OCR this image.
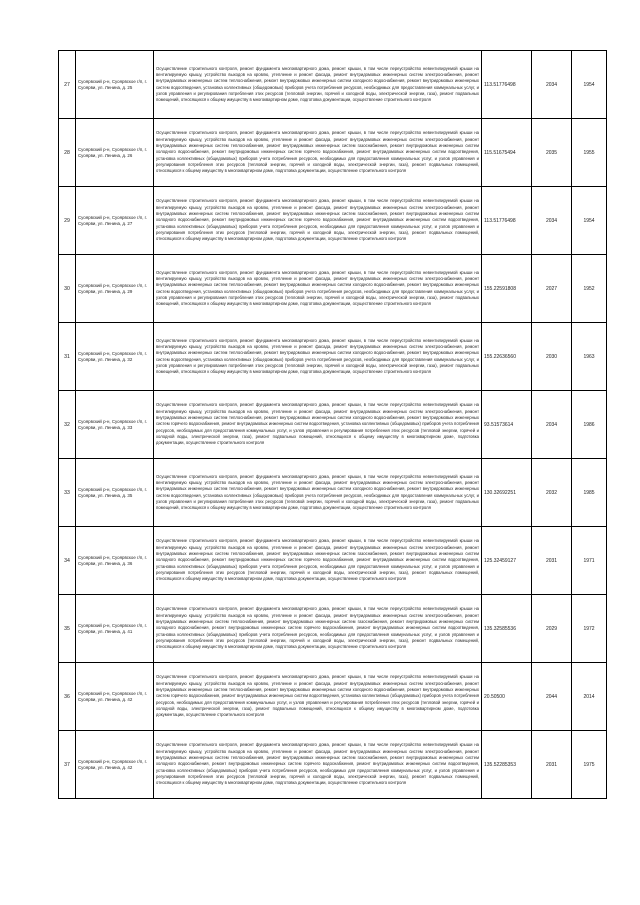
27	Суоярвский р-н, Суоярвское г/п, г. Суоярви, ул. Ленина, д. 25	Осуществление строительного контроля, ремонт фундамента многоквартирного дома, ремонт крыши, в том числе переустройство невентилируемой крыши на вентилируемую крышу, устройство выходов на кровлю, утепление и ремонт фасада, ремонт внутридомовых инженерных систем электроснабжения, ремонт внутридомовых инженерных систем теплоснабжения, ремонт внутридомовых инженерных систем холодного водоснабжения, ремонт внутридомовых инженерных систем водоотведения, установка коллективных (общедомовых) приборов учета потребления ресурсов, необходимых для предоставления коммунальных услуг, и узлов управления и регулирования потребления этих ресурсов (тепловой энергии, горячей и холодной воды, электрической энергии, газа), ремонт подвальных помещений, относящихся к общему имуществу в многоквартирном доме, подготовка документации, осуществление строительного контроля	113.51776498	2034	1954
28	Суоярвский р-н, Суоярвское г/п, г. Суоярви, ул. Ленина, д. 26	Осуществление строительного контроля, ремонт фундамента многоквартирного дома, ремонт крыши, в том числе переустройство невентилируемой крыши на вентилируемую крышу, устройство выходов на кровлю, утепление и ремонт фасада, ремонт внутридомовых инженерных систем электроснабжения, ремонт внутридомовых инженерных систем теплоснабжения, ремонт внутридомовых инженерных систем газоснабжения, ремонт внутридомовых инженерных систем холодного водоснабжения, ремонт внутридомовых инженерных систем горячего водоснабжения, ремонт внутридомовых инженерных систем водоотведения, установка коллективных (общедомовых) приборов учета потребления ресурсов, необходимых для предоставления коммунальных услуг, и узлов управления и регулирования потребления этих ресурсов (тепловой энергии, горячей и холодной воды, электрической энергии, газа), ремонт подвальных помещений, относящихся к общему имуществу в многоквартирном доме, подготовка документации, осуществление строительного контроля	115.51675494	2035	1955
29	Суоярвский р-н, Суоярвское г/п, г. Суоярви, ул. Ленина, д. 27	Осуществление строительного контроля, ремонт фундамента многоквартирного дома, ремонт крыши, в том числе переустройство невентилируемой крыши на вентилируемую крышу, устройство выходов на кровлю, утепление и ремонт фасада, ремонт внутридомовых инженерных систем электроснабжения, ремонт внутридомовых инженерных систем теплоснабжения, ремонт внутридомовых инженерных систем газоснабжения, ремонт внутридомовых инженерных систем холодного водоснабжения, ремонт внутридомовых инженерных систем горячего водоснабжения, ремонт внутридомовых инженерных систем водоотведения, установка коллективных (общедомовых) приборов учета потребления ресурсов, необходимых для предоставления коммунальных услуг, и узлов управления и регулирования потребления этих ресурсов (тепловой энергии, горячей и холодной воды, электрической энергии, газа), ремонт подвальных помещений, относящихся к общему имуществу в многоквартирном доме, подготовка документации, осуществление строительного контроля	113.51776498	2034	1954
30	Суоярвский р-н, Суоярвское г/п, г. Суоярви, ул. Ленина, д. 29	Осуществление строительного контроля, ремонт фундамента многоквартирного дома, ремонт крыши, в том числе переустройство невентилируемой крыши на вентилируемую крышу, устройство выходов на кровлю, утепление и ремонт фасада, ремонт внутридомовых инженерных систем электроснабжения, ремонт внутридомовых инженерных систем теплоснабжения, ремонт внутридомовых инженерных систем холодного водоснабжения, ремонт внутридомовых инженерных систем водоотведения, установка коллективных (общедомовых) приборов учета потребления ресурсов, необходимых для предоставления коммунальных услуг, и узлов управления и регулирования потребления этих ресурсов (тепловой энергии, горячей и холодной воды, электрической энергии, газа), ремонт подвальных помещений, относящихся к общему имуществу в многоквартирном доме, подготовка документации, осуществление строительного контроля	155.22591808	2027	1952
31	Суоярвский р-н, Суоярвское г/п, г. Суоярви, ул. Ленина, д. 32	Осуществление строительного контроля, ремонт фундамента многоквартирного дома, ремонт крыши, в том числе переустройство невентилируемой крыши на вентилируемую крышу, устройство выходов на кровлю, утепление и ремонт фасада, ремонт внутридомовых инженерных систем электроснабжения, ремонт внутридомовых инженерных систем теплоснабжения, ремонт внутридомовых инженерных систем холодного водоснабжения, ремонт внутридомовых инженерных систем водоотведения, установка коллективных (общедомовых) приборов учета потребления ресурсов, необходимых для предоставления коммунальных услуг, и узлов управления и регулирования потребления этих ресурсов (тепловой энергии, горячей и холодной воды, электрической энергии, газа), ремонт подвальных помещений, относящихся к общему имуществу в многоквартирном доме, подготовка документации, осуществление строительного контроля	155.22636560	2030	1963
32	Суоярвский р-н, Суоярвское г/п, г. Суоярви, ул. Ленина, д. 33	Осуществление строительного контроля, ремонт фундамента многоквартирного дома, ремонт крыши, в том числе переустройство невентилируемой крыши на вентилируемую крышу, устройство выходов на кровлю, утепление и ремонт фасада, ремонт внутридомовых инженерных систем электроснабжения, ремонт внутридомовых инженерных систем теплоснабжения, ремонт внутридомовых инженерных систем холодного водоснабжения, ремонт внутридомовых инженерных систем горячего водоснабжения, ремонт внутридомовых инженерных систем водоотведения, установка коллективных (общедомовых) приборов учета потребления ресурсов, необходимых для предоставления коммунальных услуг, и узлов управления и регулирования потребления этих ресурсов (тепловой энергии, горячей и холодной воды, электрической энергии, газа), ремонт подвальных помещений, относящихся к общему имуществу в многоквартирном доме, подготовка документации, осуществление строительного контроля	93.51573614	2034	1986
33	Суоярвский р-н, Суоярвское г/п, г. Суоярви, ул. Ленина, д. 35	Осуществление строительного контроля, ремонт фундамента многоквартирного дома, ремонт крыши, в том числе переустройство невентилируемой крыши на вентилируемую крышу, устройство выходов на кровлю, утепление и ремонт фасада, ремонт внутридомовых инженерных систем электроснабжения, ремонт внутридомовых инженерных систем теплоснабжения, ремонт внутридомовых инженерных систем холодного водоснабжения, ремонт внутридомовых инженерных систем водоотведения, установка коллективных (общедомовых) приборов учета потребления ресурсов, необходимых для предоставления коммунальных услуг, и узлов управления и регулирования потребления этих ресурсов (тепловой энергии, горячей и холодной воды, электрической энергии, газа), ремонт подвальных помещений, относящихся к общему имуществу в многоквартирном доме, подготовка документации, осуществление строительного контроля	130.32692251	2032	1985
34	Суоярвский р-н, Суоярвское г/п, г. Суоярви, ул. Ленина, д. 36	Осуществление строительного контроля, ремонт фундамента многоквартирного дома, ремонт крыши, в том числе переустройство невентилируемой крыши на вентилируемую крышу, устройство выходов на кровлю, утепление и ремонт фасада, ремонт внутридомовых инженерных систем электроснабжения, ремонт внутридомовых инженерных систем теплоснабжения, ремонт внутридомовых инженерных систем газоснабжения, ремонт внутридомовых инженерных систем холодного водоснабжения, ремонт внутридомовых инженерных систем горячего водоснабжения, ремонт внутридомовых инженерных систем водоотведения, установка коллективных (общедомовых) приборов учета потребления ресурсов, необходимых для предоставления коммунальных услуг, и узлов управления и регулирования потребления этих ресурсов (тепловой энергии, горячей и холодной воды, электрической энергии, газа), ремонт подвальных помещений, относящихся к общему имуществу в многоквартирном доме, подготовка документации, осуществление строительного контроля	125.32459127	2031	1971
35	Суоярвский р-н, Суоярвское г/п, г. Суоярви, ул. Ленина, д. 41	Осуществление строительного контроля, ремонт фундамента многоквартирного дома, ремонт крыши, в том числе переустройство невентилируемой крыши на вентилируемую крышу, устройство выходов на кровлю, утепление и ремонт фасада, ремонт внутридомовых инженерных систем электроснабжения, ремонт внутридомовых инженерных систем теплоснабжения, ремонт внутридомовых инженерных систем газоснабжения, ремонт внутридомовых инженерных систем холодного водоснабжения, ремонт внутридомовых инженерных систем горячего водоснабжения, ремонт внутридомовых инженерных систем водоотведения, установка коллективных (общедомовых) приборов учета потребления ресурсов, необходимых для предоставления коммунальных услуг, и узлов управления и регулирования потребления этих ресурсов (тепловой энергии, горячей и холодной воды, электрической энергии, газа), ремонт подвальных помещений, относящихся к общему имуществу в многоквартирном доме, подготовка документации, осуществление строительного контроля	135.32585536	2029	1972
36	Суоярвский р-н, Суоярвское г/п, г. Суоярви, ул. Ленина, д. 42	Осуществление строительного контроля, ремонт фундамента многоквартирного дома, ремонт крыши, в том числе переустройство невентилируемой крыши на вентилируемую крышу, устройство выходов на кровлю, утепление и ремонт фасада, ремонт внутридомовых инженерных систем электроснабжения, ремонт внутридомовых инженерных систем теплоснабжения, ремонт внутридомовых инженерных систем холодного водоснабжения, ремонт внутридомовых инженерных систем горячего водоснабжения, ремонт внутридомовых инженерных систем водоотведения, установка коллективных (общедомовых) приборов учета потребления ресурсов, необходимых для предоставления коммунальных услуг, и узлов управления и регулирования потребления этих ресурсов (тепловой энергии, горячей и холодной воды, электрической энергии, газа), ремонт подвальных помещений, относящихся к общему имуществу в многоквартирном доме, подготовка документации, осуществление строительного контроля	20.50500	2044	2014
37	Суоярвский р-н, Суоярвское г/п, г. Суоярви, ул. Ленина, д. 42	Осуществление строительного контроля, ремонт фундамента многоквартирного дома, ремонт крыши, в том числе переустройство невентилируемой крыши на вентилируемую крышу, устройство выходов на кровлю, утепление и ремонт фасада, ремонт внутридомовых инженерных систем электроснабжения, ремонт внутридомовых инженерных систем теплоснабжения, ремонт внутридомовых инженерных систем газоснабжения, ремонт внутридомовых инженерных систем холодного водоснабжения, ремонт внутридомовых инженерных систем горячего водоснабжения, ремонт внутридомовых инженерных систем водоотведения, установка коллективных (общедомовых) приборов учета потребления ресурсов, необходимых для предоставления коммунальных услуг, и узлов управления и регулирования потребления этих ресурсов (тепловой энергии, горячей и холодной воды, электрической энергии, газа), ремонт подвальных помещений, относящихся к общему имуществу в многоквартирном доме, подготовка документации, осуществление строительного контроля	135.52285353	2031	1975
